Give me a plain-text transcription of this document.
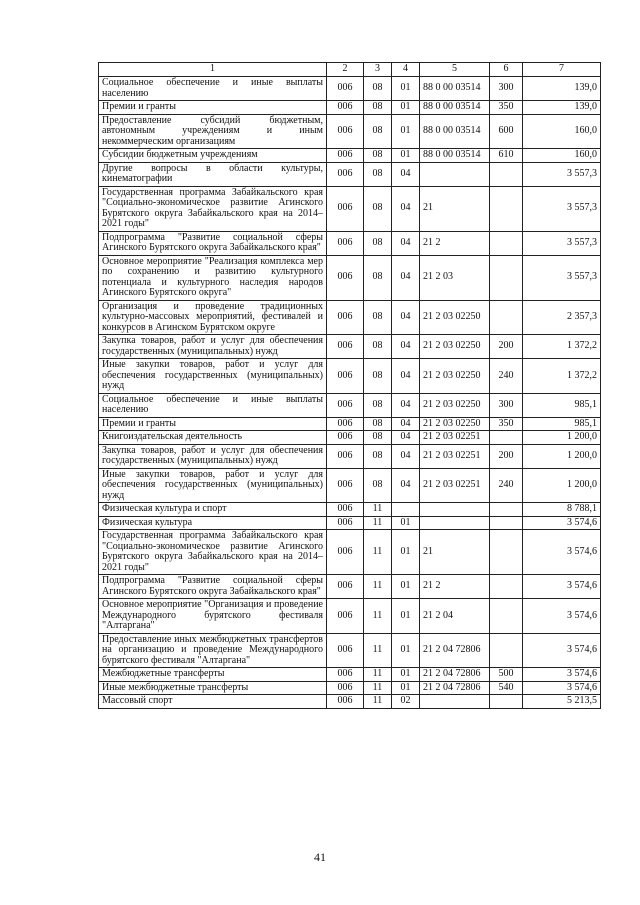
1	2	3	4	5	6	7
Социальное обеспечение и иные выплаты населению	006	08	01	88 0 00 03514	300	139,0
Премии и гранты	006	08	01	88 0 00 03514	350	139,0
Предоставление субсидий бюджетным, автономным учреждениям и иным некоммерческим организациям	006	08	01	88 0 00 03514	600	160,0
Субсидии бюджетным учреждениям	006	08	01	88 0 00 03514	610	160,0
Другие вопросы в области культуры, кинематографии	006	08	04			3 557,3
Государственная программа Забайкальского края "Социально-экономическое развитие Агинского Бурятского округа Забайкальского края на 2014–2021 годы"	006	08	04	21		3 557,3
Подпрограмма "Развитие социальной сферы Агинского Бурятского округа Забайкальского края"	006	08	04	21 2		3 557,3
Основное мероприятие "Реализация комплекса мер по сохранению и развитию культурного потенциала и культурного наследия народов Агинского Бурятского округа"	006	08	04	21 2 03		3 557,3
Организация и проведение традиционных культурно-массовых мероприятий, фестивалей и конкурсов в Агинском Бурятском округе	006	08	04	21 2 03 02250		2 357,3
Закупка товаров, работ и услуг для обеспечения государственных (муниципальных) нужд	006	08	04	21 2 03 02250	200	1 372,2
Иные закупки товаров, работ и услуг для обеспечения государственных (муниципальных) нужд	006	08	04	21 2 03 02250	240	1 372,2
Социальное обеспечение и иные выплаты населению	006	08	04	21 2 03 02250	300	985,1
Премии и гранты	006	08	04	21 2 03 02250	350	985,1
Книгоиздательская деятельность	006	08	04	21 2 03 02251		1 200,0
Закупка товаров, работ и услуг для обеспечения государственных (муниципальных) нужд	006	08	04	21 2 03 02251	200	1 200,0
Иные закупки товаров, работ и услуг для обеспечения государственных (муниципальных) нужд	006	08	04	21 2 03 02251	240	1 200,0
Физическая культура и спорт	006	11				8 788,1
Физическая культура	006	11	01			3 574,6
Государственная программа Забайкальского края "Социально-экономическое развитие Агинского Бурятского округа Забайкальского края на 2014–2021 годы"	006	11	01	21		3 574,6
Подпрограмма "Развитие социальной сферы Агинского Бурятского округа Забайкальского края"	006	11	01	21 2		3 574,6
Основное мероприятие "Организация и проведение Международного бурятского фестиваля "Алтаргана"	006	11	01	21 2 04		3 574,6
Предоставление иных межбюджетных трансфертов на организацию и проведение Международного бурятского фестиваля "Алтаргана"	006	11	01	21 2 04 72806		3 574,6
Межбюджетные трансферты	006	11	01	21 2 04 72806	500	3 574,6
Иные межбюджетные трансферты	006	11	01	21 2 04 72806	540	3 574,6
Массовый спорт	006	11	02			5 213,5
41
